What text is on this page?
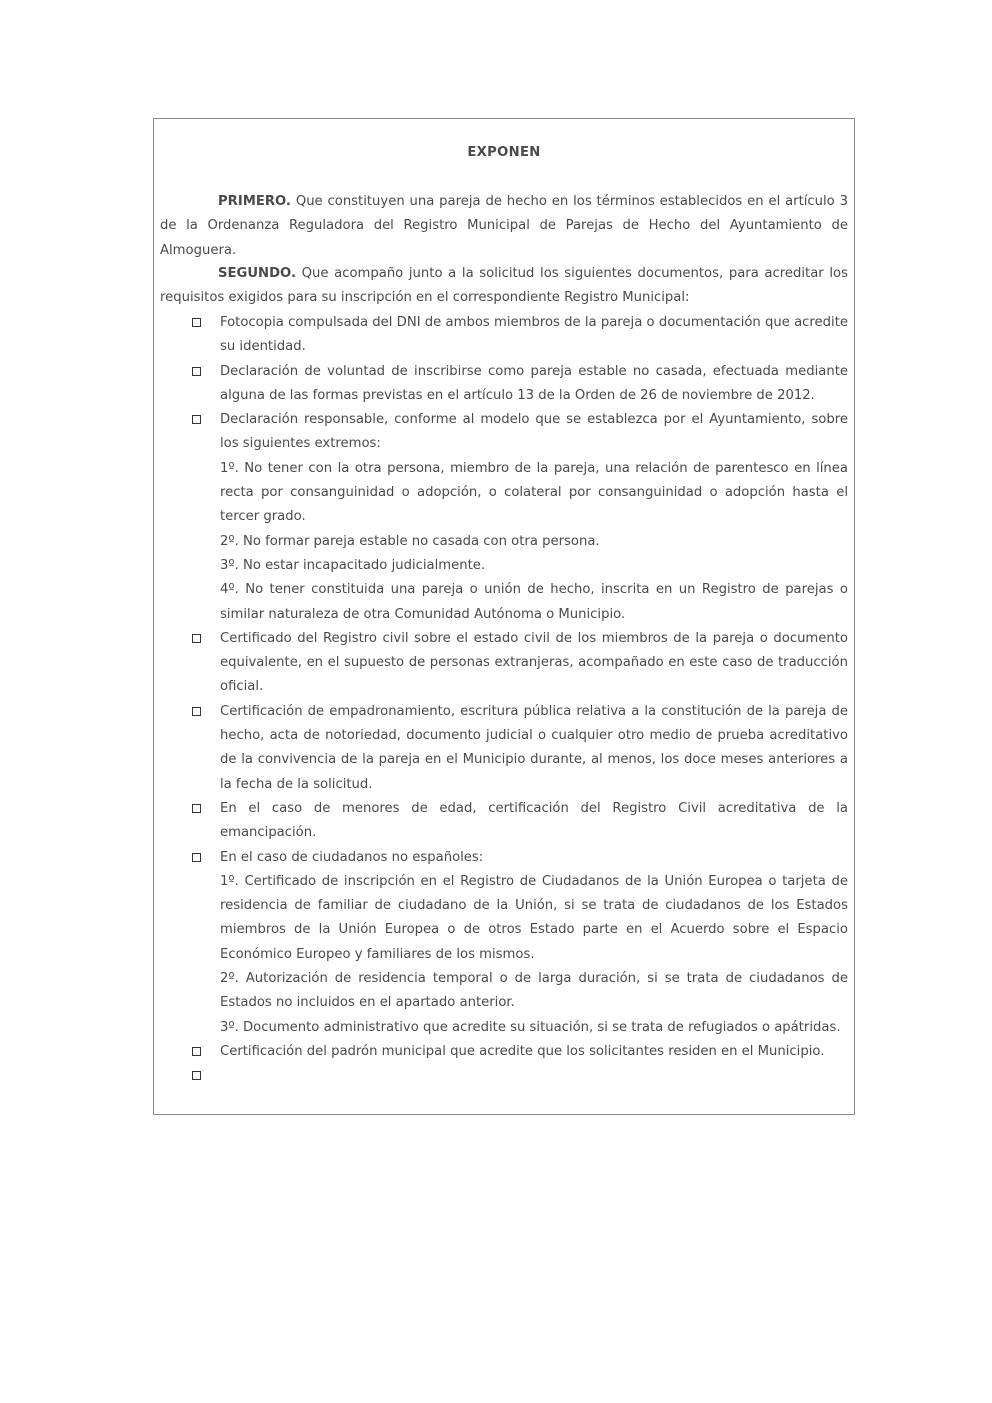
EXPONEN
PRIMERO. Que constituyen una pareja de hecho en los términos establecidos en el artículo 3 de la Ordenanza Reguladora del Registro Municipal de Parejas de Hecho del Ayuntamiento de Almoguera.
SEGUNDO. Que acompaño junto a la solicitud los siguientes documentos, para acreditar los requisitos exigidos para su inscripción en el correspondiente Registro Municipal:
Fotocopia compulsada del DNI de ambos miembros de la pareja o documentación que acredite su identidad.
Declaración de voluntad de inscribirse como pareja estable no casada, efectuada mediante alguna de las formas previstas en el artículo 13 de la Orden de 26 de noviembre de 2012.
Declaración responsable, conforme al modelo que se establezca por el Ayuntamiento, sobre los siguientes extremos:
1º. No tener con la otra persona, miembro de la pareja, una relación de parentesco en línea recta por consanguinidad o adopción, o colateral por consanguinidad o adopción hasta el tercer grado.
2º. No formar pareja estable no casada con otra persona.
3º. No estar incapacitado judicialmente.
4º. No tener constituida una pareja o unión de hecho, inscrita en un Registro de parejas o similar naturaleza de otra Comunidad Autónoma o Municipio.
Certificado del Registro civil sobre el estado civil de los miembros de la pareja o documento equivalente, en el supuesto de personas extranjeras, acompañado en este caso de traducción oficial.
Certificación de empadronamiento, escritura pública relativa a la constitución de la pareja de hecho, acta de notoriedad, documento judicial o cualquier otro medio de prueba acreditativo de la convivencia de la pareja en el Municipio durante, al menos, los doce meses anteriores a la fecha de la solicitud.
En el caso de menores de edad, certificación del Registro Civil acreditativa de la emancipación.
En el caso de ciudadanos no españoles:
1º. Certificado de inscripción en el Registro de Ciudadanos de la Unión Europea o tarjeta de residencia de familiar de ciudadano de la Unión, si se trata de ciudadanos de los Estados miembros de la Unión Europea o de otros Estado parte en el Acuerdo sobre el Espacio Económico Europeo y familiares de los mismos.
2º. Autorización de residencia temporal o de larga duración, si se trata de ciudadanos de Estados no incluidos en el apartado anterior.
3º. Documento administrativo que acredite su situación, si se trata de refugiados o apátridas.
Certificación del padrón municipal que acredite que los solicitantes residen en el Municipio.
